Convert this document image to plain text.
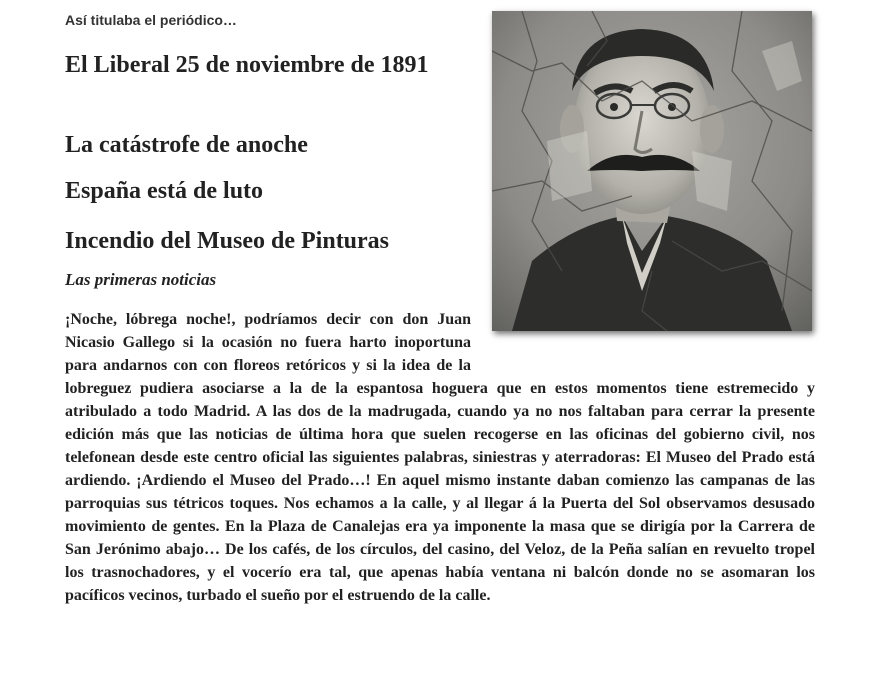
Así titulaba el periódico…

El Liberal 25 de noviembre de 1891
La catástrofe de anoche
España está de luto
Incendio del Museo de Pinturas

Las primeras noticias

¡Noche, lóbrega noche!, podríamos decir con don Juan Nicasio Gallego si la ocasión no fuera harto inoportuna para andarnos con con floreos retóricos y si la idea de la lobreguez pudiera asociarse a la de la espantosa hoguera que en estos momentos tiene estremecido y atribulado a todo Madrid. A las dos de la madrugada, cuando ya no nos faltaban para cerrar la presente edición más que las noticias de última hora que suelen recogerse en las oficinas del gobierno civil, nos telefonean desde este centro oficial las siguientes palabras, siniestras y aterradoras: El Museo del Prado está ardiendo. ¡Ardiendo el Museo del Prado…! En aquel mismo instante daban comienzo las campanas de las parroquias sus tétricos toques. Nos echamos a la calle, y al llegar á la Puerta del Sol observamos desusado movimiento de gentes. En la Plaza de Canalejas era ya imponente la masa que se dirigía por la Carrera de San Jerónimo abajo… De los cafés, de los círculos, del casino, del Veloz, de la Peña salían en revuelto tropel los trasnochadores, y el vocerío era tal, que apenas había ventana ni balcón donde no se asomaran los pacíficos vecinos, turbado el sueño por el estruendo de la calle.
